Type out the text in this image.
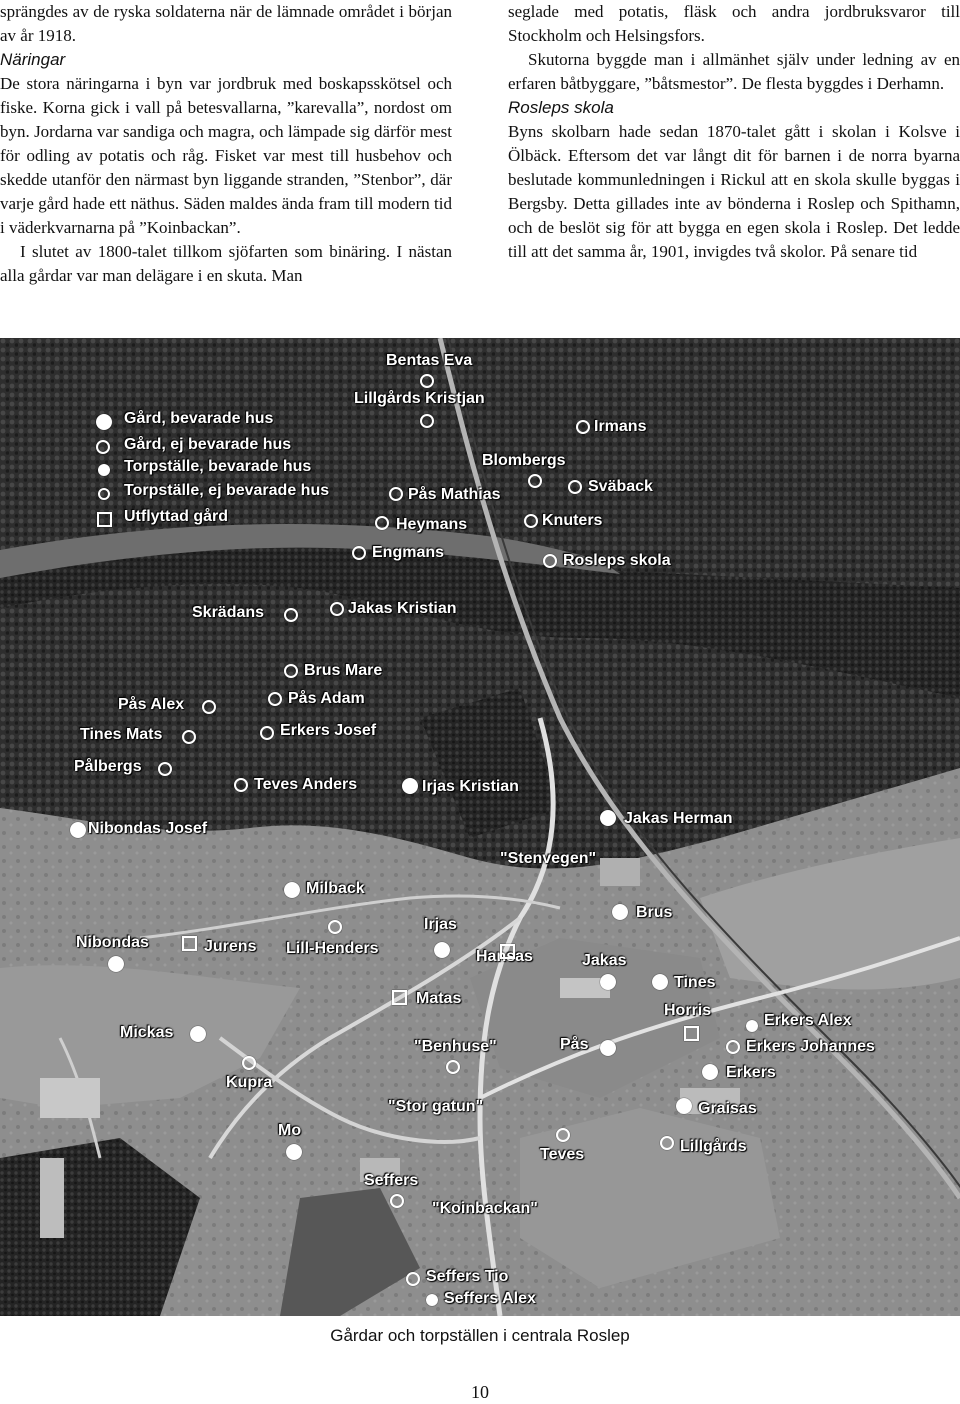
sprängdes av de ryska soldaterna när de lämnade området i början av år 1918.

Näringar

De stora näringarna i byn var jordbruk med boskapsskötsel och fiske. Korna gick i vall på betesvallarna, ”karevalla”, nordost om byn. Jordarna var sandiga och magra, och lämpade sig därför mest för odling av potatis och råg. Fisket var mest till husbehov och skedde utanför den närmast byn liggande stranden, ”Stenbor”, där varje gård hade ett näthus. Säden maldes ända fram till modern tid i väderkvarnarna på ”Koinbackan”.

I slutet av 1800-talet tillkom sjöfarten som binäring. I nästan alla gårdar var man delägare i en skuta. Man

seglade med potatis, fläsk och andra jordbruksvaror till Stockholm och Helsingsfors.

Skutorna byggde man i allmänhet själv under ledning av en erfaren båtbyggare, ”båtsmestor”. De flesta byggdes i Derhamn.

Rosleps skola

Byns skolbarn hade sedan 1870-talet gått i skolan i Kolsve i Ölbäck. Eftersom det var långt dit för barnen i de norra byarna beslutade kommunledningen i Rickul att en skola skulle byggas i Bergsby. Detta gillades inte av bönderna i Roslep och Spithamn, och de beslöt sig för att bygga en egen skola i Roslep. Det ledde till att det samma år, 1901, invigdes två skolor. På senare tid

Gård, bevarade hus
Gård, ej bevarade hus
Torpställe, bevarade hus
Torpställe, ej bevarade hus
Utflyttad gård
Bentas Eva
Lillgårds Kristjan
Irmans
Blombergs
Sväback
Pås Mathias
Heymans	Knuters
Engmans	Rosleps skola
Skrädans	Jakas Kristian
Brus Mare
Pås Adam
Pås Alex
Tines Mats	Erkers Josef
Pålbergs
Teves Anders	Irjas Kristian
Nibondas Josef
Jakas Herman
"Stenvegen"
Milback
Brus
Irjas
Nibondas	Jurens Lill-Henders	Hansas	Jakas
Tines
Matas
Horris
Erkers Alex
Mickas
"Benhuse"	Pås	Erkers Johannes
Erkers
Kupra
"Stor gatun"	Graisas
Mo
Lillgårds
Teves
Seffers
"Koinbackan"
Seffers Tio
Seffers Alex
Gårdar och torpställen i centrala Roslep
10
